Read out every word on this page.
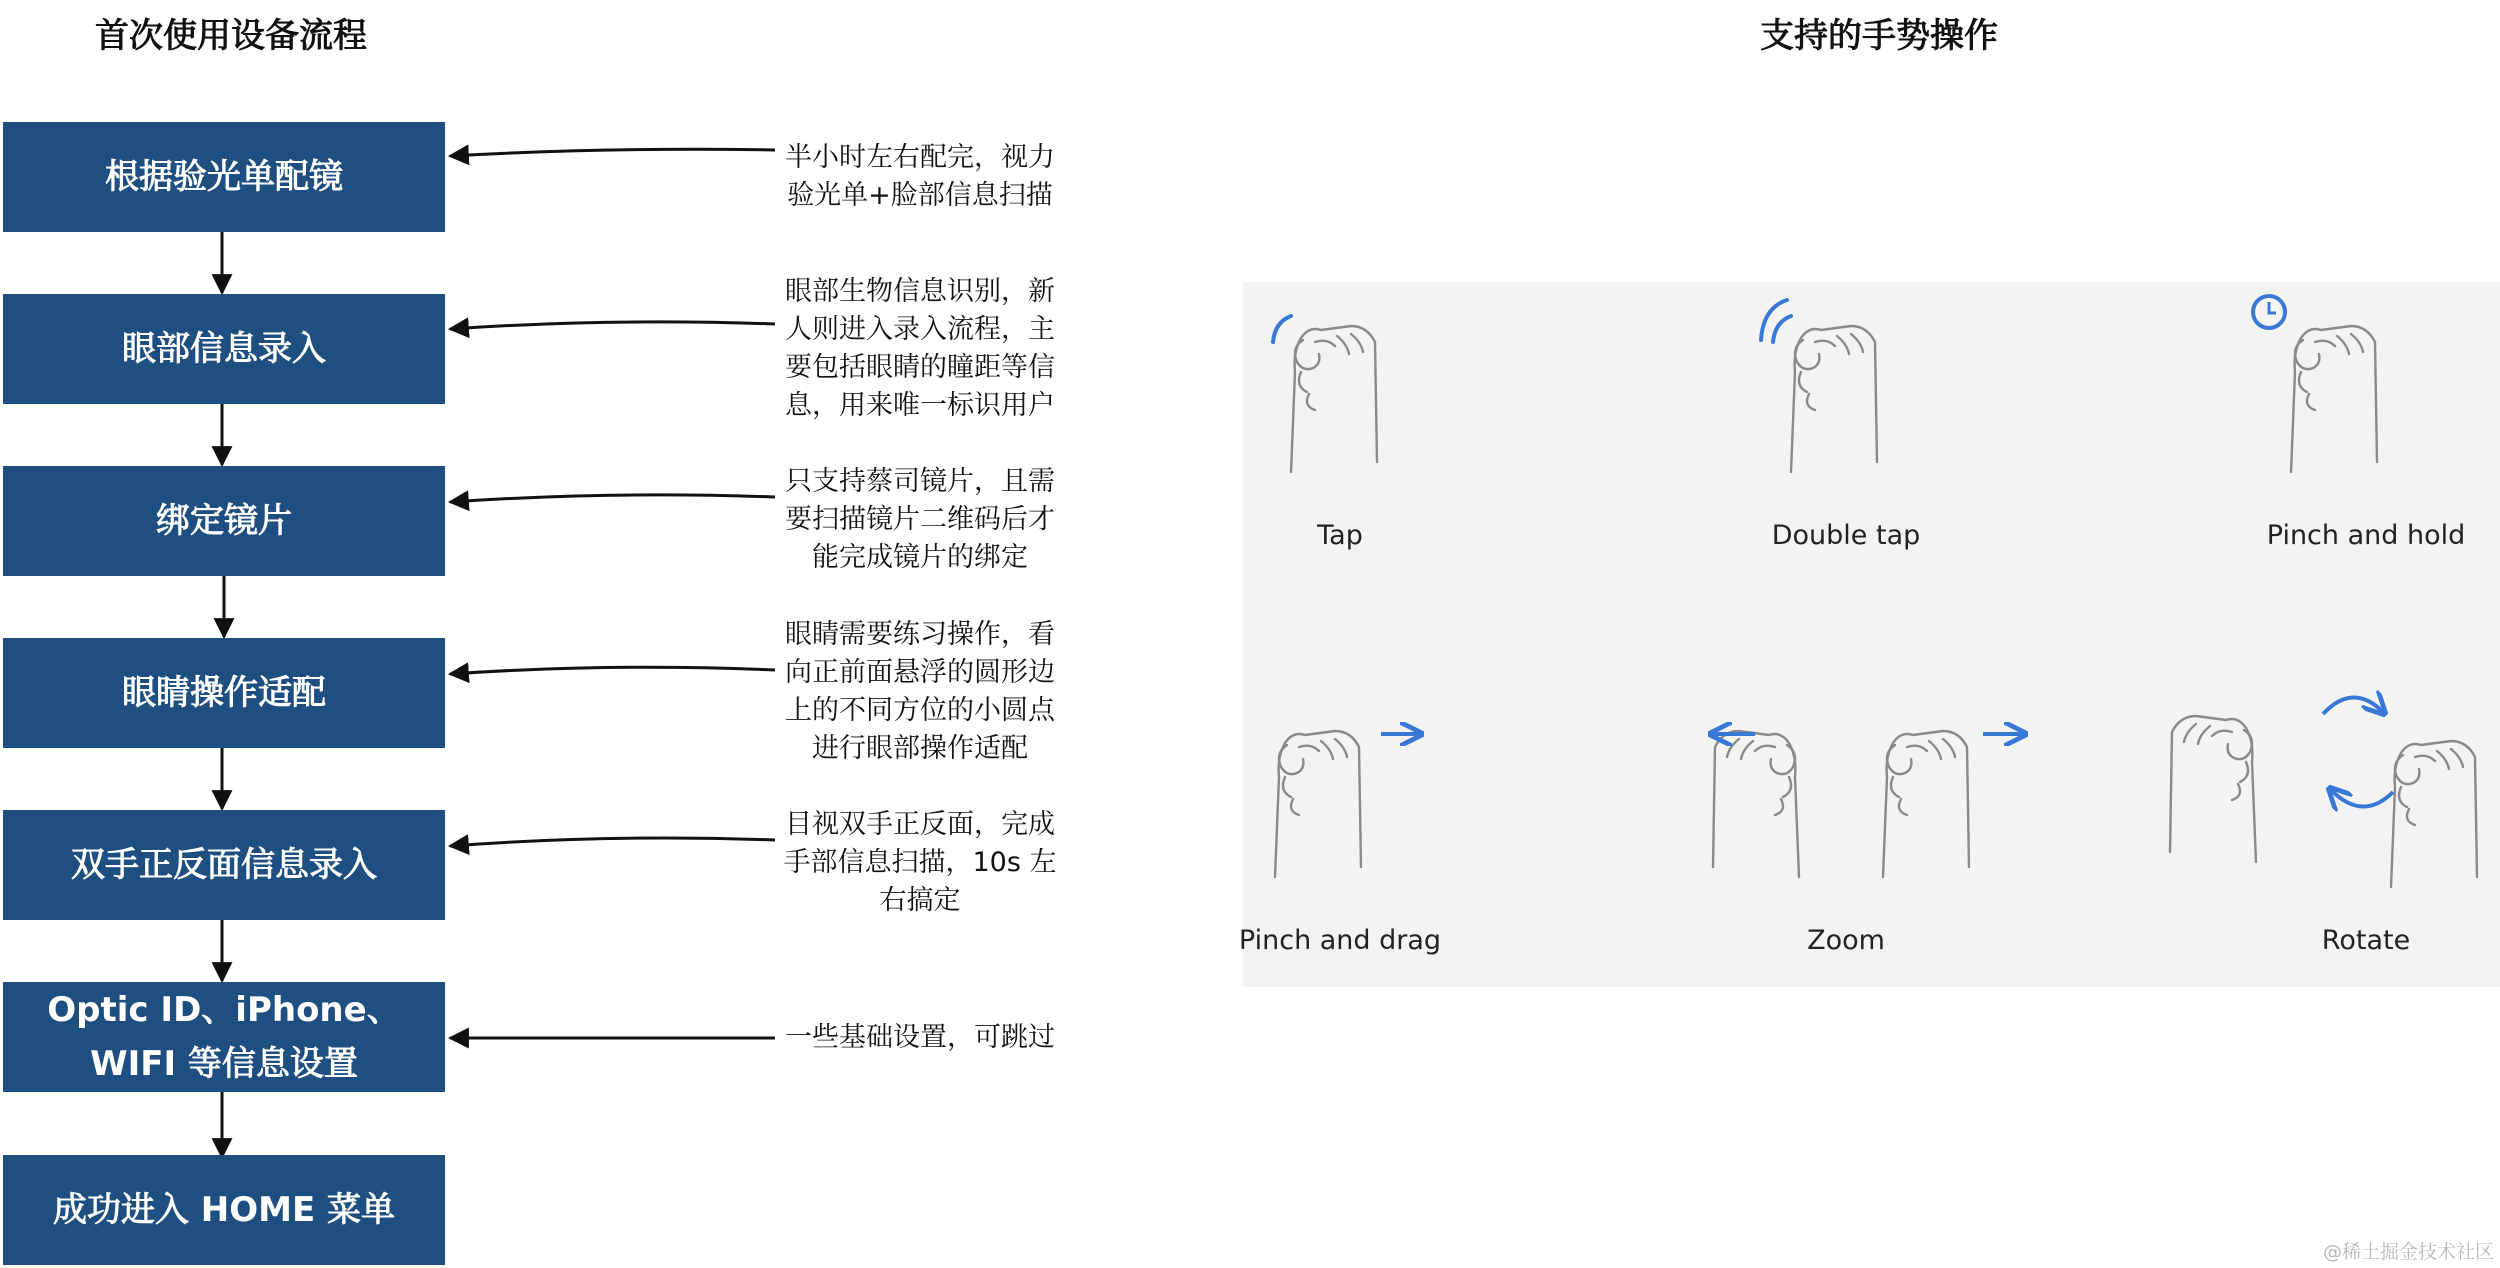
首次使用设备流程	支持的手势操作
根据验光单配镜
眼部信息录入
绑定镜片
眼睛操作适配
双手正反面信息录入
Optic ID、iPhone、WIFI 等信息设置
成功进入 HOME 菜单
半小时左右配完，视力验光单+脸部信息扫描
眼部生物信息识别，新人则进入录入流程，主要包括眼睛的瞳距等信息，用来唯一标识用户
只支持蔡司镜片，且需要扫描镜片二维码后才能完成镜片的绑定
眼睛需要练习操作，看向正前面悬浮的圆形边上的不同方位的小圆点进行眼部操作适配
目视双手正反面，完成手部信息扫描，10s 左右搞定
一些基础设置，可跳过
Tap	Double tap	Pinch and hold
Pinch and drag	Zoom	Rotate
@稀土掘金技术社区
